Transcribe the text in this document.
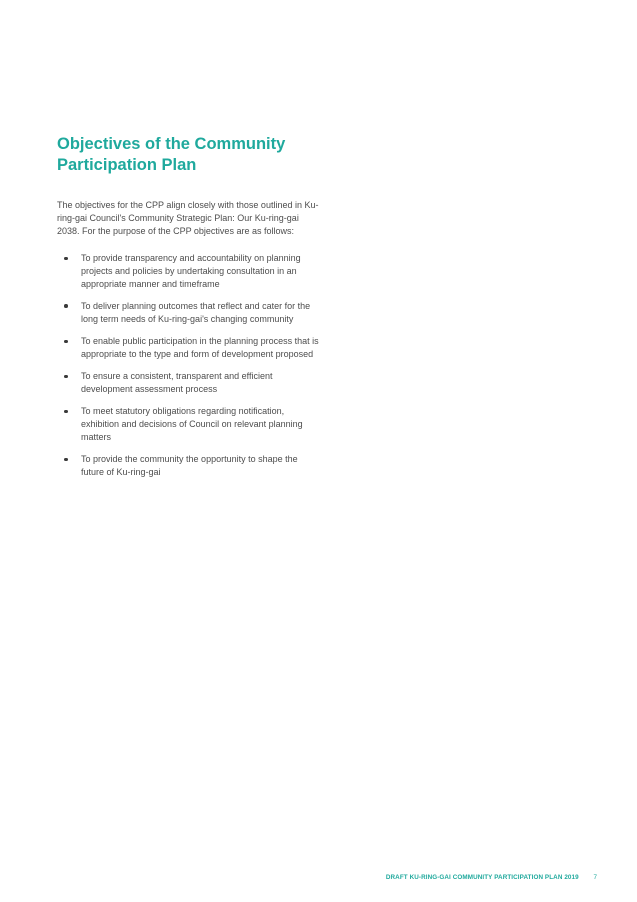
Objectives of the Community Participation Plan

The objectives for the CPP align closely with those outlined in Ku-ring-gai Council's Community Strategic Plan: Our Ku-ring-gai 2038. For the purpose of the CPP objectives are as follows:

To provide transparency and accountability on planning projects and policies by undertaking consultation in an appropriate manner and timeframe
To deliver planning outcomes that reflect and cater for the long term needs of Ku-ring-gai's changing community
To enable public participation in the planning process that is appropriate to the type and form of development proposed
To ensure a consistent, transparent and efficient development assessment process
To meet statutory obligations regarding notification, exhibition and decisions of Council on relevant planning matters
To provide the community the opportunity to shape the future of Ku-ring-gai
DRAFT KU-RING-GAI COMMUNITY PARTICIPATION PLAN 2019 7
